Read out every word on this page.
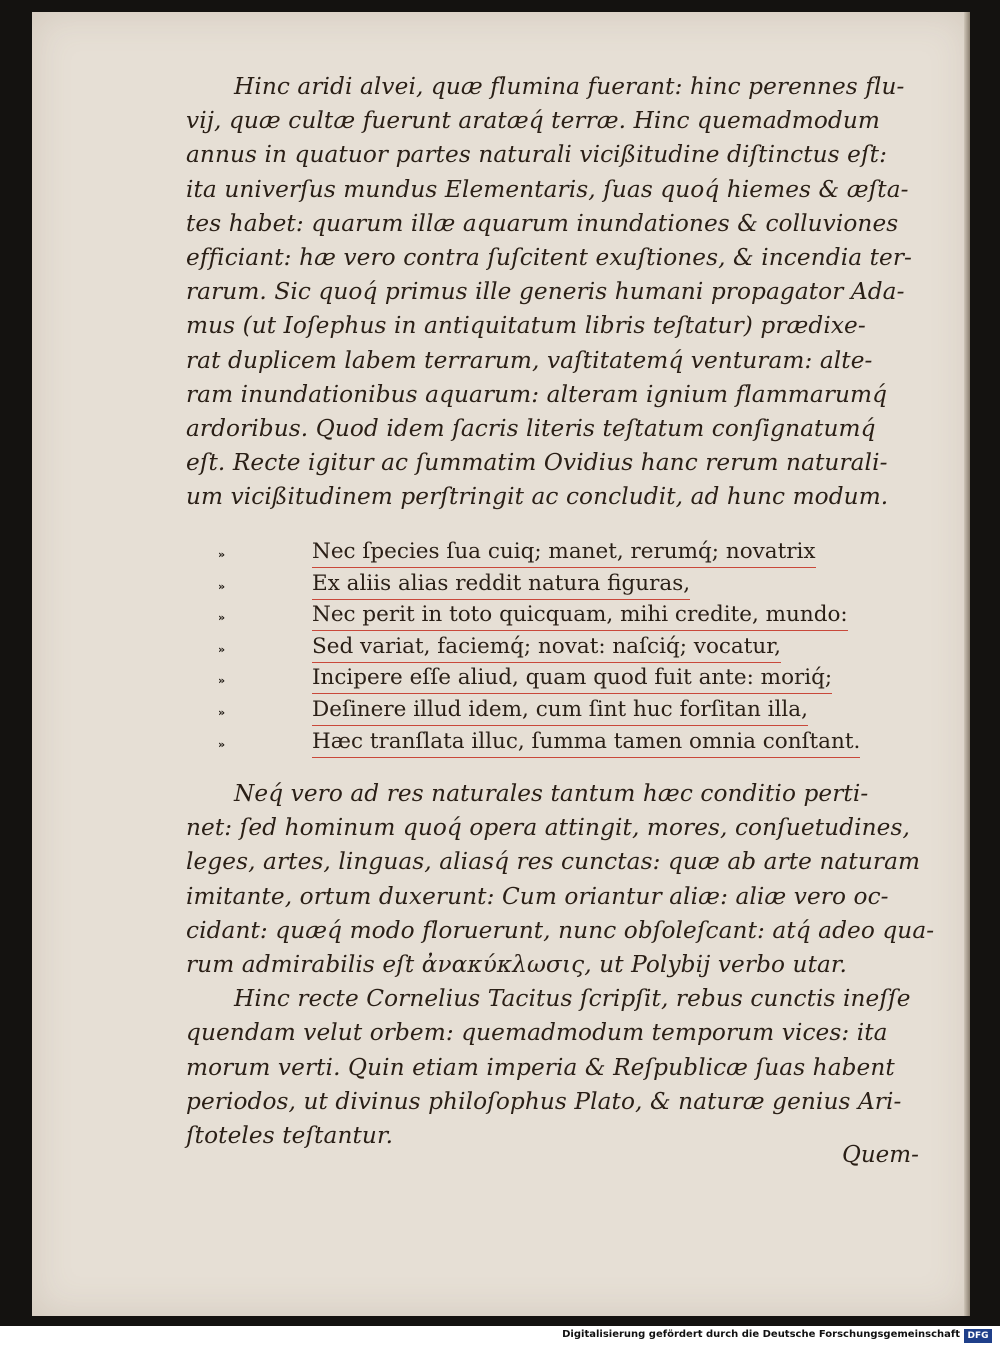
Hinc aridi alvei, quæ flumina fuerant: hinc perennes flu-
vij, quæ cultæ fuerunt aratæq́ terræ. Hinc quemadmodum
annus in quatuor partes naturali vicißitudine diſtinctus eſt:
ita univerſus mundus Elementaris, ſuas quoq́ hiemes & æſta-
tes habet: quarum illæ aquarum inundationes & colluviones
efficiant: hæ vero contra ſuſcitent exuſtiones, & incendia ter-
rarum. Sic quoq́ primus ille generis humani propagator Ada-
mus (ut Ioſephus in antiquitatum libris teſtatur) prædixe-
rat duplicem labem terrarum, vaſtitatemq́ venturam: alte-
ram inundationibus aquarum: alteram ignium flammarumq́
ardoribus. Quod idem ſacris literis teſtatum conſignatumq́
eſt. Recte igitur ac ſummatim Ovidius hanc rerum naturali-
um vicißitudinem perſtringit ac concludit, ad hunc modum.
»	Nec ſpecies ſua cuiq; manet, rerumq́; novatrix
»	Ex aliis alias reddit natura figuras,
»	Nec perit in toto quicquam, mihi credite, mundo:
»	Sed variat, faciemq́; novat: naſciq́; vocatur,
»	Incipere eſſe aliud, quam quod fuit ante: moriq́;
»	Deſinere illud idem, cum ſint huc forſitan illa,
»	Hæc tranſlata illuc, ſumma tamen omnia conſtant.
Neq́ vero ad res naturales tantum hæc conditio perti-
net: ſed hominum quoq́ opera attingit, mores, conſuetudines,
leges, artes, linguas, aliasq́ res cunctas: quæ ab arte naturam
imitante, ortum duxerunt: Cum oriantur aliæ: aliæ vero oc-
cidant: quæq́ modo floruerunt, nunc obſoleſcant: atq́ adeo qua-
rum admirabilis eſt ἀνακύκλωσις, ut Polybij verbo utar.
Hinc recte Cornelius Tacitus ſcripſit, rebus cunctis ineſſe
quendam velut orbem: quemadmodum temporum vices: ita
morum verti. Quin etiam imperia & Reſpublicæ ſuas habent
periodos, ut divinus philoſophus Plato, & naturæ genius Ari-
ſtoteles teſtantur.
Quem-
Digitalisierung gefördert durch die Deutsche Forschungsgemeinschaft DFG
